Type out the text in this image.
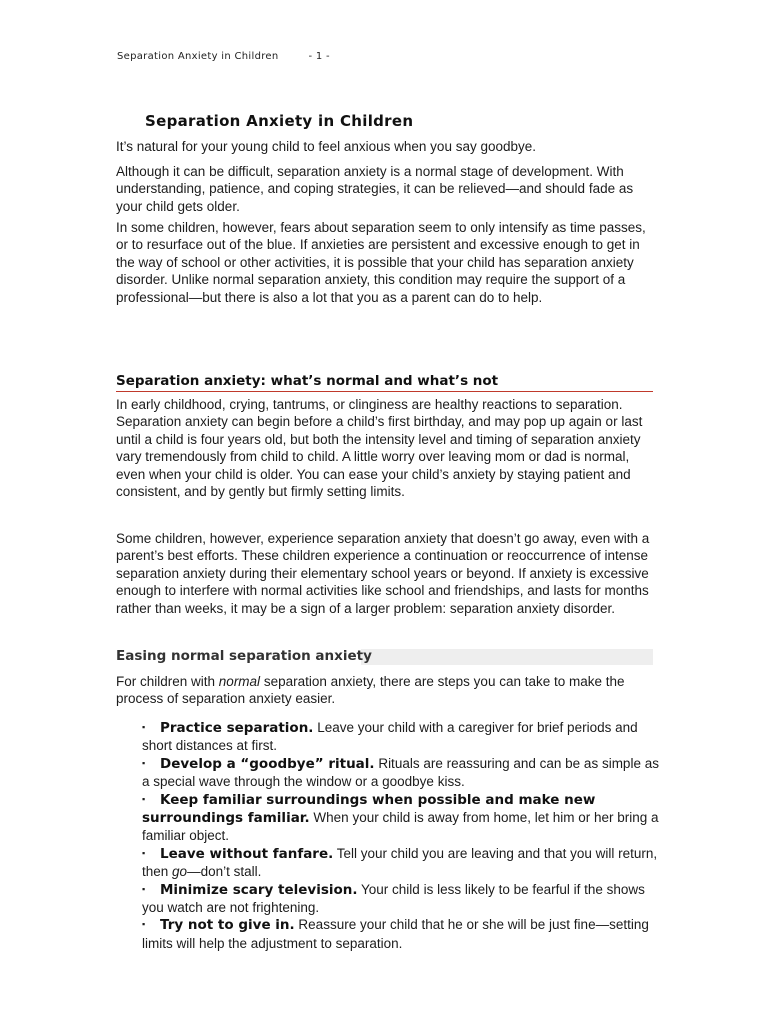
Separation Anxiety in Children	- 1 -
Separation Anxiety in Children

It’s natural for your young child to feel anxious when you say goodbye.

Although it can be difficult, separation anxiety is a normal stage of development. With understanding, patience, and coping strategies, it can be relieved—and should fade as your child gets older.

In some children, however, fears about separation seem to only intensify as time passes, or to resurface out of the blue. If anxieties are persistent and excessive enough to get in the way of school or other activities, it is possible that your child has separation anxiety disorder. Unlike normal separation anxiety, this condition may require the support of a professional—but there is also a lot that you as a parent can do to help.

Separation anxiety: what’s normal and what’s not

In early childhood, crying, tantrums, or clinginess are healthy reactions to separation. Separation anxiety can begin before a child’s first birthday, and may pop up again or last until a child is four years old, but both the intensity level and timing of separation anxiety vary tremendously from child to child. A little worry over leaving mom or dad is normal, even when your child is older. You can ease your child’s anxiety by staying patient and consistent, and by gently but firmly setting limits.

Some children, however, experience separation anxiety that doesn’t go away, even with a parent’s best efforts. These children experience a continuation or reoccurrence of intense separation anxiety during their elementary school years or beyond. If anxiety is excessive enough to interfere with normal activities like school and friendships, and lasts for months rather than weeks, it may be a sign of a larger problem: separation anxiety disorder.

Easing normal separation anxiety

For children with normal separation anxiety, there are steps you can take to make the process of separation anxiety easier.

▪ Practice separation. Leave your child with a caregiver for brief periods and short distances at first.
▪ Develop a “goodbye” ritual. Rituals are reassuring and can be as simple as a special wave through the window or a goodbye kiss.
▪ Keep familiar surroundings when possible and make new surroundings familiar. When your child is away from home, let him or her bring a familiar object.
▪ Leave without fanfare. Tell your child you are leaving and that you will return, then go—don’t stall.
▪ Minimize scary television. Your child is less likely to be fearful if the shows you watch are not frightening.
▪ Try not to give in. Reassure your child that he or she will be just fine—setting limits will help the adjustment to separation.
